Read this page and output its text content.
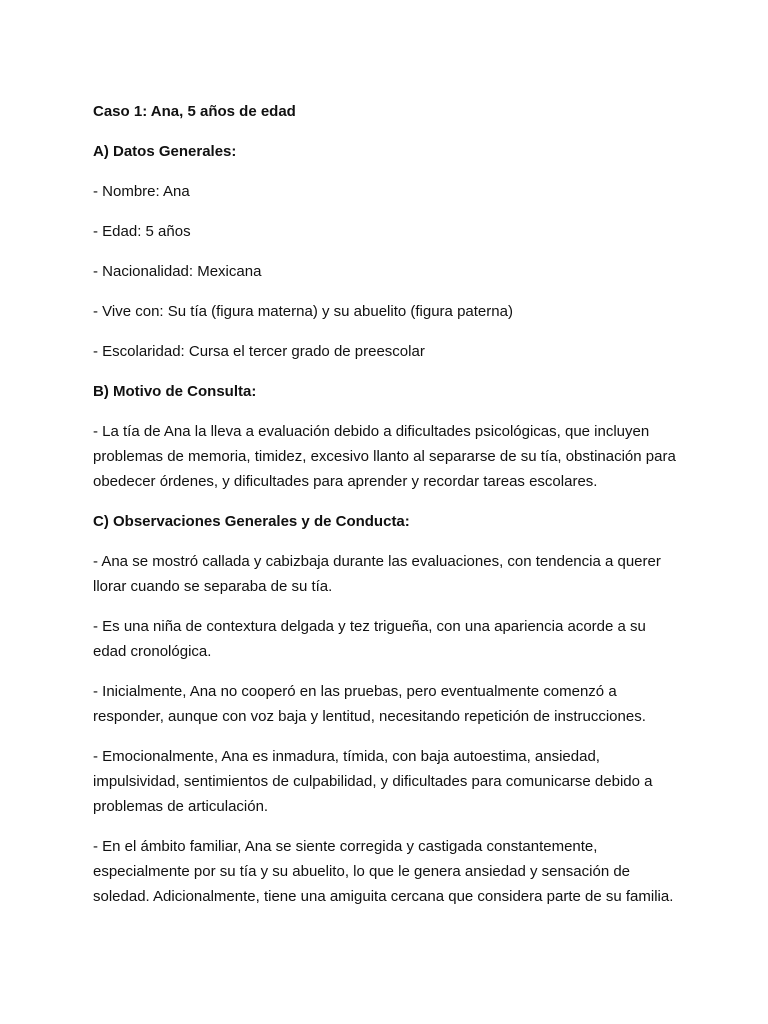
Caso 1: Ana, 5 años de edad

A) Datos Generales:

- Nombre: Ana

- Edad: 5 años

- Nacionalidad: Mexicana

- Vive con: Su tía (figura materna) y su abuelito (figura paterna)

- Escolaridad: Cursa el tercer grado de preescolar

B) Motivo de Consulta:

- La tía de Ana la lleva a evaluación debido a dificultades psicológicas, que incluyen problemas de memoria, timidez, excesivo llanto al separarse de su tía, obstinación para obedecer órdenes, y dificultades para aprender y recordar tareas escolares.

C) Observaciones Generales y de Conducta:

- Ana se mostró callada y cabizbaja durante las evaluaciones, con tendencia a querer llorar cuando se separaba de su tía.

- Es una niña de contextura delgada y tez trigueña, con una apariencia acorde a su edad cronológica.

- Inicialmente, Ana no cooperó en las pruebas, pero eventualmente comenzó a responder, aunque con voz baja y lentitud, necesitando repetición de instrucciones.

- Emocionalmente, Ana es inmadura, tímida, con baja autoestima, ansiedad, impulsividad, sentimientos de culpabilidad, y dificultades para comunicarse debido a problemas de articulación.

- En el ámbito familiar, Ana se siente corregida y castigada constantemente, especialmente por su tía y su abuelito, lo que le genera ansiedad y sensación de soledad. Adicionalmente, tiene una amiguita cercana que considera parte de su familia.
